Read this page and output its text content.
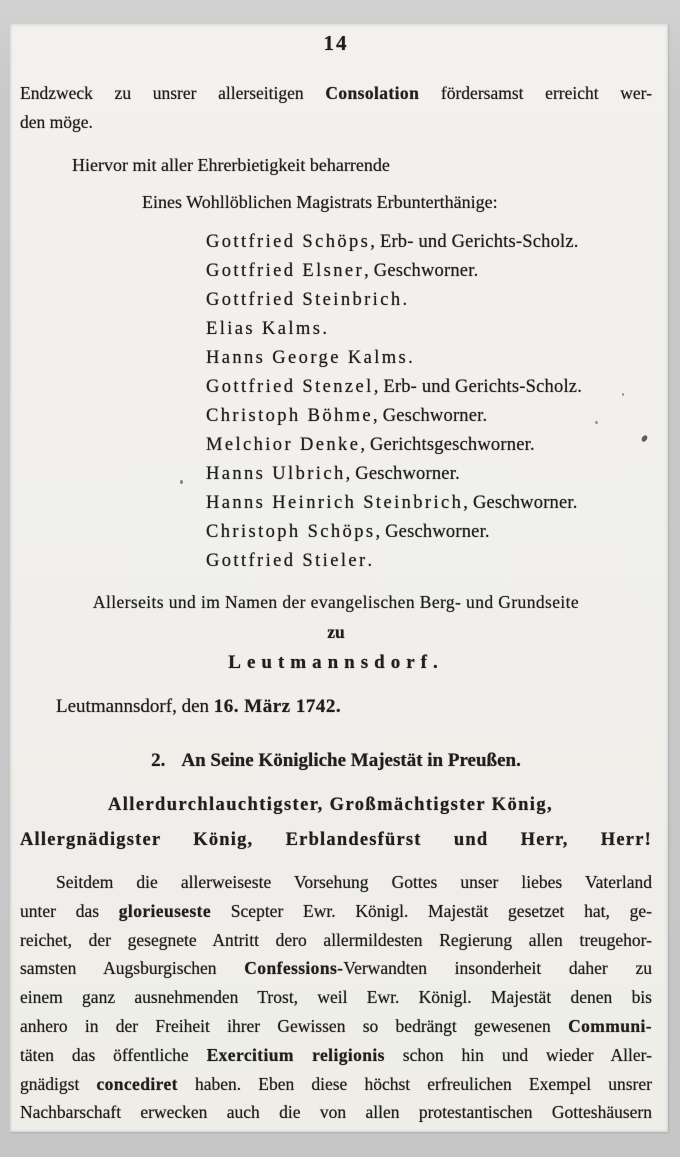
14
Endzweck zu unsrer allerseitigen Consolation fördersamst erreicht wer-
den möge.
Hiervor mit aller Ehrerbietigkeit beharrende
Eines Wohllöblichen Magistrats Erbunterthänige:
Gottfried Schöps, Erb- und Gerichts-Scholz.
Gottfried Elsner, Geschworner.
Gottfried Steinbrich.
Elias Kalms.
Hanns George Kalms.
Gottfried Stenzel, Erb- und Gerichts-Scholz.
Christoph Böhme, Geschworner.
Melchior Denke, Gerichtsgeschworner.
Hanns Ulbrich, Geschworner.
Hanns Heinrich Steinbrich, Geschworner.
Christoph Schöps, Geschworner.
Gottfried Stieler.
Allerseits und im Namen der evangelischen Berg- und Grundseite
zu
Leutmannsdorf.
Leutmannsdorf, den 16. März 1742.
2. An Seine Königliche Majestät in Preußen.
Allerdurchlauchtigster, Großmächtigster König,
Allergnädigster König, Erblandesfürst und Herr, Herr!
Seitdem die allerweiseste Vorsehung Gottes unser liebes Vaterland
unter das glorieuseste Scepter Ewr. Königl. Majestät gesetzet hat, ge-
reichet, der gesegnete Antritt dero allermildesten Regierung allen treugehor-
samsten Augsburgischen Confessions-Verwandten insonderheit daher zu
einem ganz ausnehmenden Trost, weil Ewr. Königl. Majestät denen bis
anhero in der Freiheit ihrer Gewissen so bedrängt gewesenen Communi-
täten das öffentliche Exercitium religionis schon hin und wieder Aller-
gnädigst concediret haben. Eben diese höchst erfreulichen Exempel unsrer
Nachbarschaft erwecken auch die von allen protestantischen Gotteshäusern
